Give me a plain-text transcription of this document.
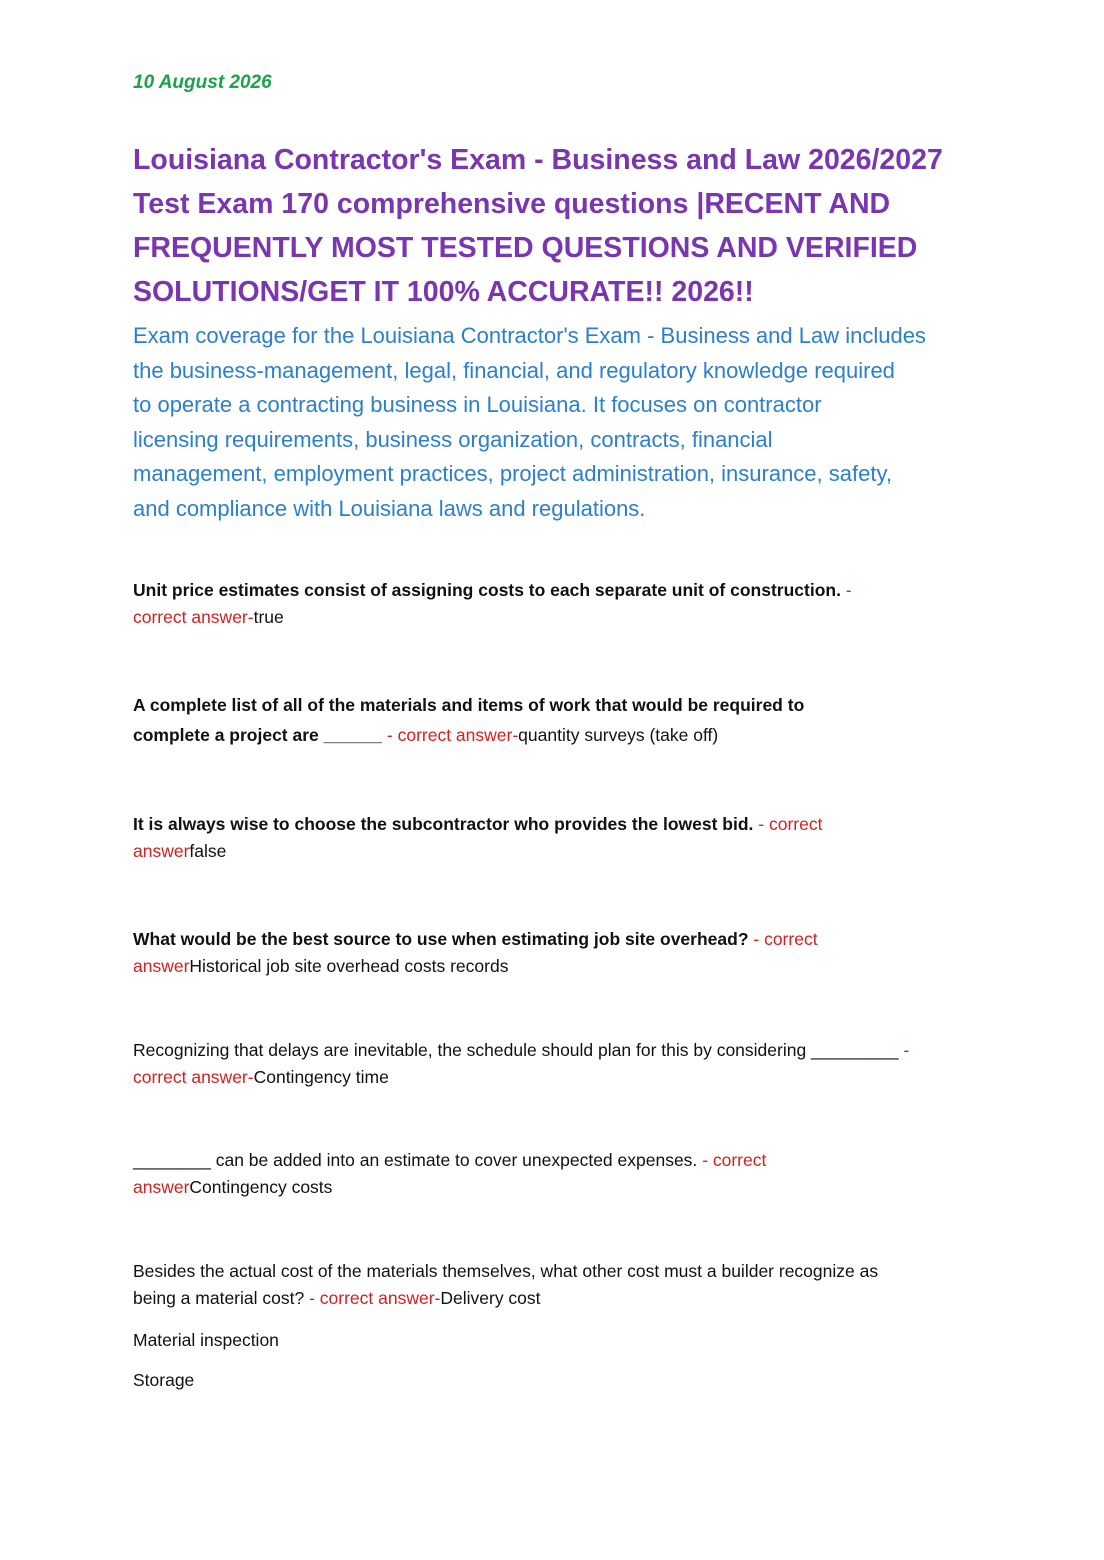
10 August 2026
Louisiana Contractor's Exam - Business and Law 2026/2027
Test Exam 170 comprehensive questions |RECENT AND
FREQUENTLY MOST TESTED QUESTIONS AND VERIFIED
SOLUTIONS/GET IT 100% ACCURATE!! 2026!!

Exam coverage for the Louisiana Contractor's Exam - Business and Law includes
the business-management, legal, financial, and regulatory knowledge required
to operate a contracting business in Louisiana. It focuses on contractor
licensing requirements, business organization, contracts, financial
management, employment practices, project administration, insurance, safety,
and compliance with Louisiana laws and regulations.

Unit price estimates consist of assigning costs to each separate unit of construction. -
correct answer-true
A complete list of all of the materials and items of work that would be required to
complete a project are ______ - correct answer-quantity surveys (take off)
It is always wise to choose the subcontractor who provides the lowest bid. - correct
answerfalse
What would be the best source to use when estimating job site overhead? - correct
answerHistorical job site overhead costs records
Recognizing that delays are inevitable, the schedule should plan for this by considering _________ -
correct answer-Contingency time
________ can be added into an estimate to cover unexpected expenses. - correct
answerContingency costs
Besides the actual cost of the materials themselves, what other cost must a builder recognize as
being a material cost? - correct answer-Delivery cost
Material inspection
Storage
